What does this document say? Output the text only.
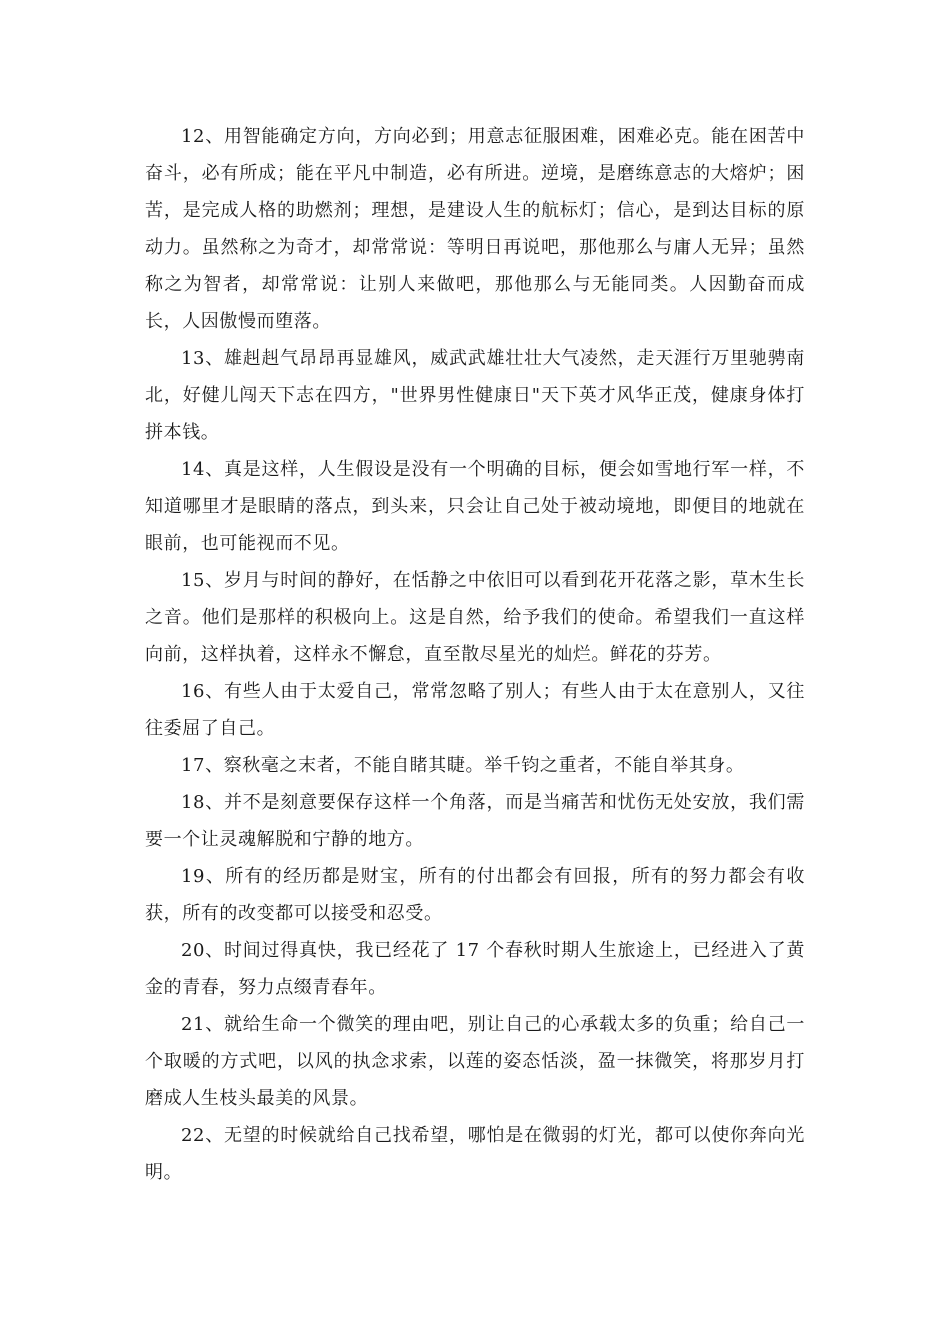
12、用智能确定方向，方向必到；用意志征服困难，困难必克。能在困苦中奋斗，必有所成；能在平凡中制造，必有所进。逆境，是磨练意志的大熔炉；困苦，是完成人格的助燃剂；理想，是建设人生的航标灯；信心，是到达目标的原动力。虽然称之为奇才，却常常说：等明日再说吧，那他那么与庸人无异；虽然称之为智者，却常常说：让别人来做吧，那他那么与无能同类。人因勤奋而成长，人因傲慢而堕落。

13、雄赳赳气昂昂再显雄风，威武武雄壮壮大气凌然，走天涯行万里驰骋南北，好健儿闯天下志在四方，"世界男性健康日"天下英才风华正茂，健康身体打拼本钱。

14、真是这样，人生假设是没有一个明确的目标，便会如雪地行军一样，不知道哪里才是眼睛的落点，到头来，只会让自己处于被动境地，即便目的地就在眼前，也可能视而不见。

15、岁月与时间的静好，在恬静之中依旧可以看到花开花落之影，草木生长之音。他们是那样的积极向上。这是自然，给予我们的使命。希望我们一直这样向前，这样执着，这样永不懈怠，直至散尽星光的灿烂。鲜花的芬芳。

16、有些人由于太爱自己，常常忽略了别人；有些人由于太在意别人，又往往委屈了自己。

17、察秋毫之末者，不能自睹其睫。举千钧之重者，不能自举其身。

18、并不是刻意要保存这样一个角落，而是当痛苦和忧伤无处安放，我们需要一个让灵魂解脱和宁静的地方。

19、所有的经历都是财宝，所有的付出都会有回报，所有的努力都会有收获，所有的改变都可以接受和忍受。

20、时间过得真快，我已经花了 17 个春秋时期人生旅途上，已经进入了黄金的青春，努力点缀青春年。

21、就给生命一个微笑的理由吧，别让自己的心承载太多的负重；给自己一个取暖的方式吧，以风的执念求索，以莲的姿态恬淡，盈一抹微笑，将那岁月打磨成人生枝头最美的风景。

22、无望的时候就给自己找希望，哪怕是在微弱的灯光，都可以使你奔向光明。
